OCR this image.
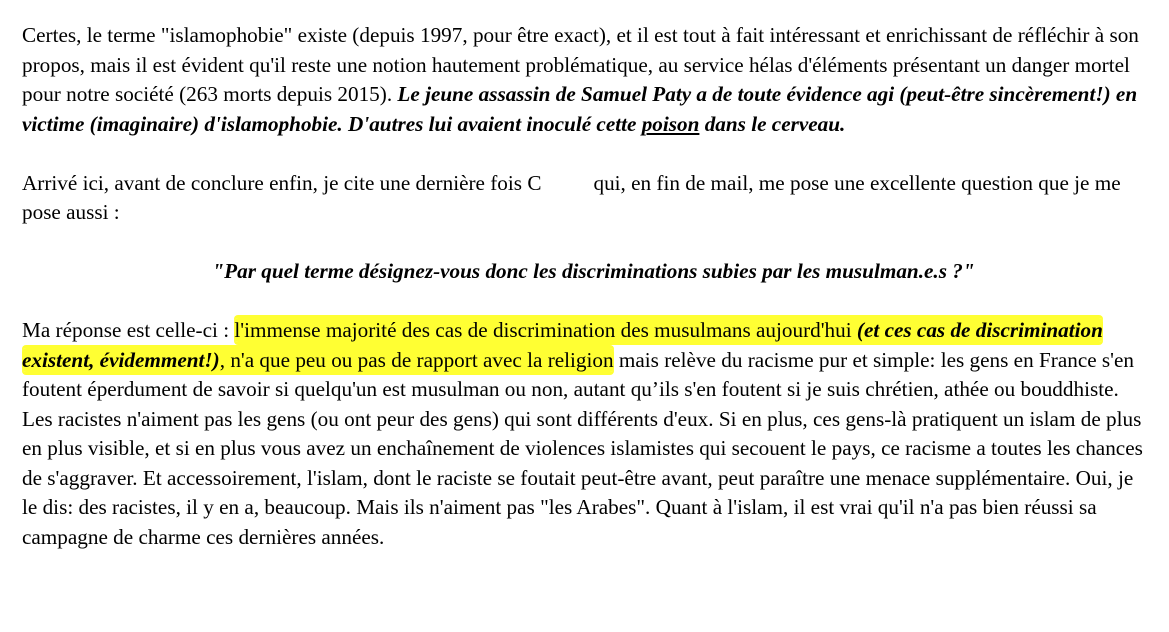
Certes, le terme "islamophobie" existe (depuis 1997, pour être exact), et il est tout à fait intéressant et enrichissant de réfléchir à son propos, mais il est évident qu'il reste une notion hautement problématique, au service hélas d'éléments présentant un danger mortel pour notre société (263 morts depuis 2015). Le jeune assassin de Samuel Paty a de toute évidence agi (peut-être sincèrement!) en victime (imaginaire) d'islamophobie. D'autres lui avaient inoculé cette poison dans le cerveau.

Arrivé ici, avant de conclure enfin, je cite une dernière fois C qui, en fin de mail, me pose une excellente question que je me pose aussi :

"Par quel terme désignez-vous donc les discriminations subies par les musulman.e.s ?"

Ma réponse est celle-ci : l'immense majorité des cas de discrimination des musulmans aujourd'hui (et ces cas de discrimination existent, évidemment!), n'a que peu ou pas de rapport avec la religion mais relève du racisme pur et simple: les gens en France s'en foutent éperdument de savoir si quelqu'un est musulman ou non, autant qu’ils s'en foutent si je suis chrétien, athée ou bouddhiste. Les racistes n'aiment pas les gens (ou ont peur des gens) qui sont différents d'eux. Si en plus, ces gens-là pratiquent un islam de plus en plus visible, et si en plus vous avez un enchaînement de violences islamistes qui secouent le pays, ce racisme a toutes les chances de s'aggraver. Et accessoirement, l'islam, dont le raciste se foutait peut-être avant, peut paraître une menace supplémentaire. Oui, je le dis: des racistes, il y en a, beaucoup. Mais ils n'aiment pas "les Arabes". Quant à l'islam, il est vrai qu'il n'a pas bien réussi sa campagne de charme ces dernières années.
